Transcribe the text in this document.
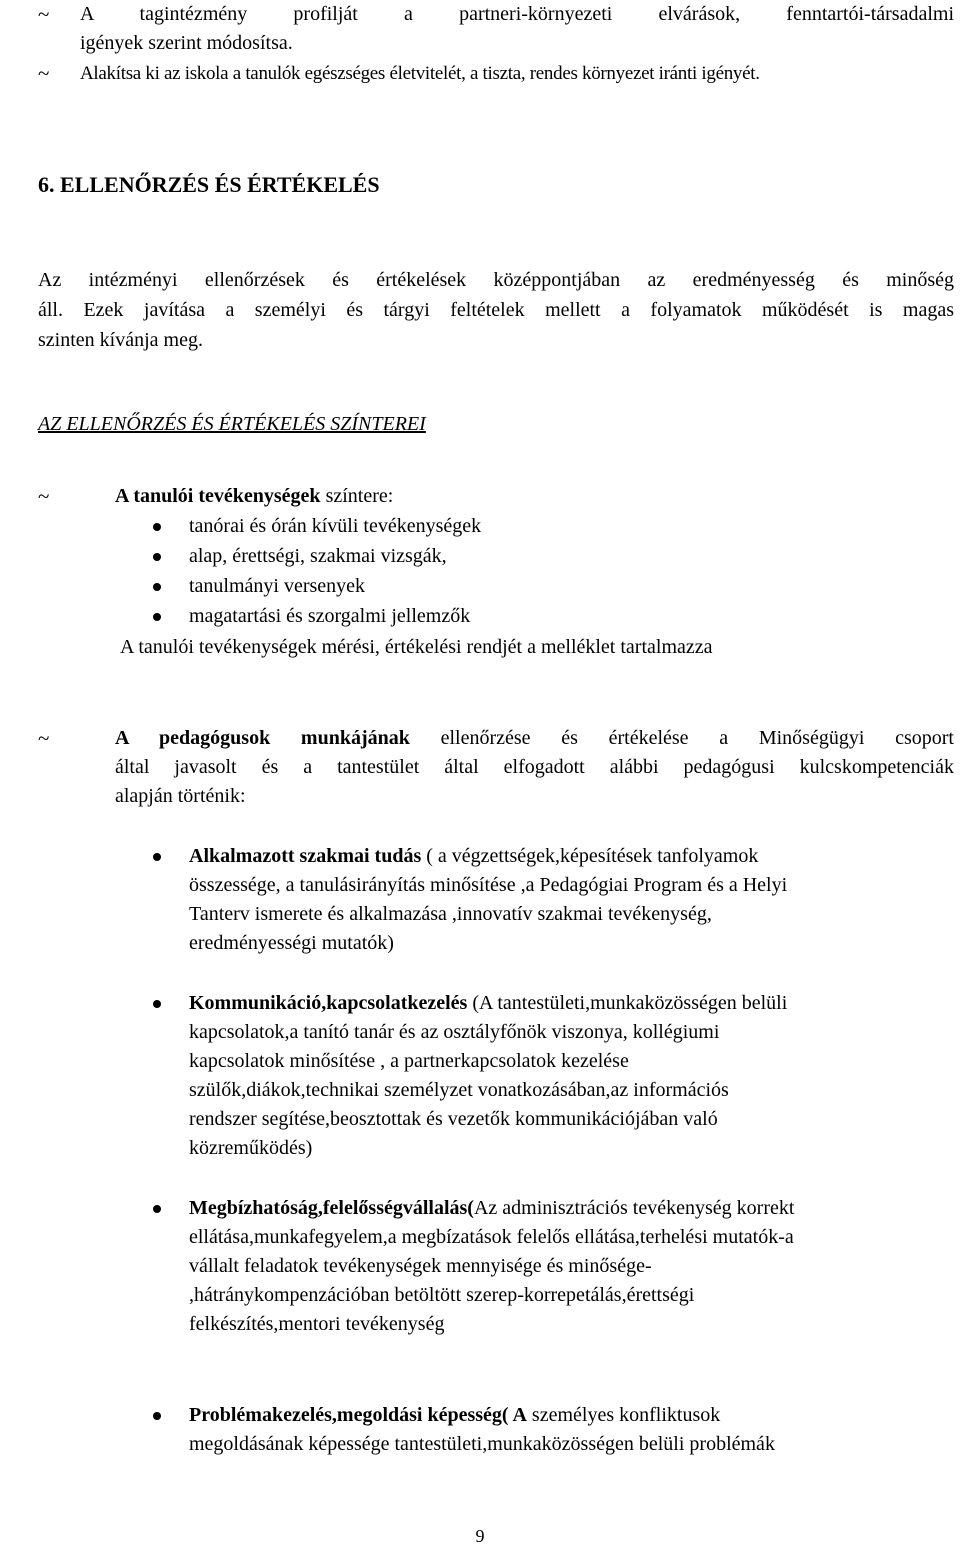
~ A tagintézmény profilját a partneri-környezeti elvárások, fenntartói-társadalmi
igények szerint módosítsa.
~ Alakítsa ki az iskola a tanulók egészséges életvitelét, a tiszta, rendes környezet iránti igényét.
6. ELLENŐRZÉS ÉS ÉRTÉKELÉS
Az intézményi ellenőrzések és értékelések középpontjában az eredményesség és minőség
áll. Ezek javítása a személyi és tárgyi feltételek mellett a folyamatok működését is magas
szinten kívánja meg.
AZ ELLENŐRZÉS ÉS ÉRTÉKELÉS SZÍNTEREI
~	A tanulói tevékenységek színtere:
tanórai és órán kívüli tevékenységek
alap, érettségi, szakmai vizsgák,
tanulmányi versenyek
magatartási és szorgalmi jellemzők
A tanulói tevékenységek mérési, értékelési rendjét a melléklet tartalmazza
~	A pedagógusok munkájának ellenőrzése és értékelése a Minőségügyi csoport
által javasolt és a tantestület által elfogadott alábbi pedagógusi kulcskompetenciák
alapján történik:
Alkalmazott szakmai tudás ( a végzettségek,képesítések tanfolyamok
összessége, a tanulásirányítás minősítése ,a Pedagógiai Program és a Helyi
Tanterv ismerete és alkalmazása ,innovatív szakmai tevékenység,
eredményességi mutatók)
Kommunikáció,kapcsolatkezelés (A tantestületi,munkaközösségen belüli
kapcsolatok,a tanító tanár és az osztályfőnök viszonya, kollégiumi
kapcsolatok minősítése , a partnerkapcsolatok kezelése
szülők,diákok,technikai személyzet vonatkozásában,az információs
rendszer segítése,beosztottak és vezetők kommunikációjában való
közreműködés)
Megbízhatóság,felelősségvállalás(Az adminisztrációs tevékenység korrekt
ellátása,munkafegyelem,a megbízatások felelős ellátása,terhelési mutatók-a
vállalt feladatok tevékenységek mennyisége és minősége-
,hátránykompenzációban betöltött szerep-korrepetálás,érettségi
felkészítés,mentori tevékenység
Problémakezelés,megoldási képesség( A személyes konfliktusok
megoldásának képessége tantestületi,munkaközösségen belüli problémák
9
